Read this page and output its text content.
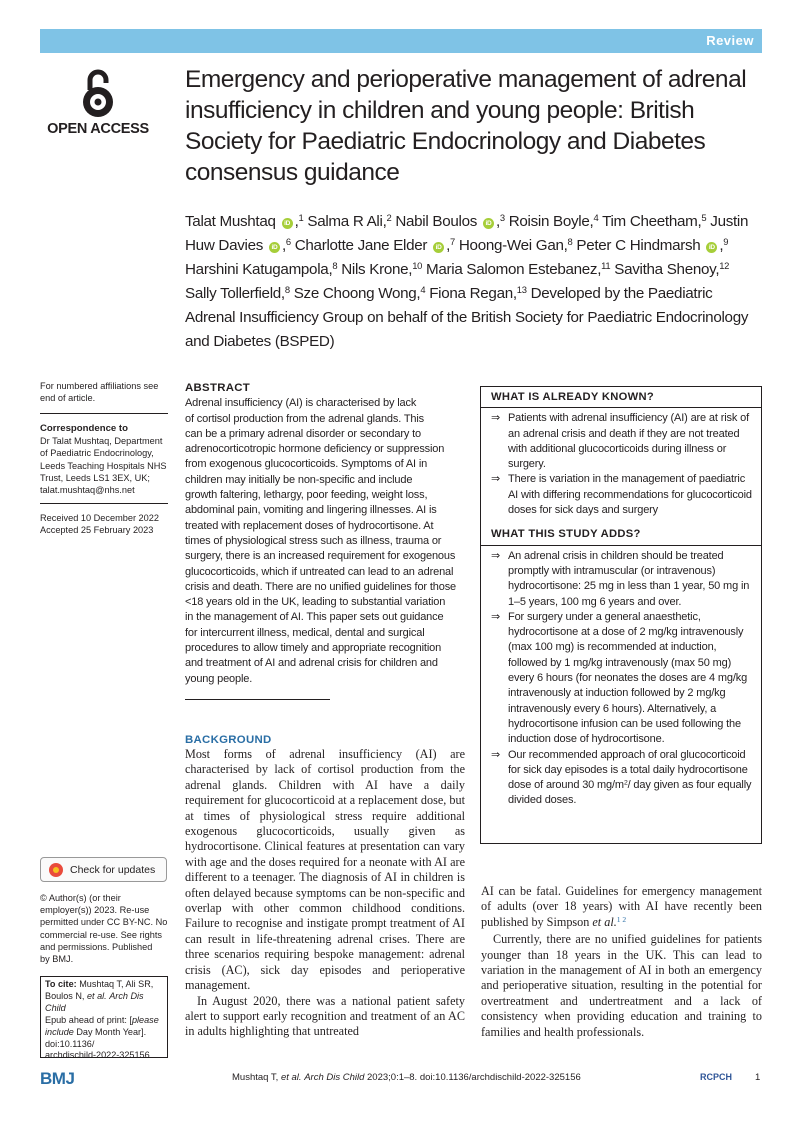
Review
OPEN ACCESS
Emergency and perioperative management of adrenal insufficiency in children and young people: British Society for Paediatric Endocrinology and Diabetes consensus guidance
Talat Mushtaq iD ,$^1$ Salma R Ali,$^2$ Nabil Boulos iD ,$^3$ Roisin Boyle,$^4$ Tim Cheetham,$^5$ Justin Huw Davies iD ,$^6$ Charlotte Jane Elder iD ,$^7$ Hoong-Wei Gan,$^8$ Peter C Hindmarsh iD ,$^9$ Harshini Katugampola,$^8$ Nils Krone,$^{10}$ Maria Salomon Estebanez,$^{11}$ Savitha Shenoy,$^{12}$ Sally Tollerfield,$^8$ Sze Choong Wong,$^4$ Fiona Regan,$^{13}$ Developed by the Paediatric Adrenal Insufficiency Group on behalf of the British Society for Paediatric Endocrinology and Diabetes (BSPED)
For numbered affiliations see end of article.
Correspondence to
Dr Talat Mushtaq, Department
of Paediatric Endocrinology,
Leeds Teaching Hospitals NHS
Trust, Leeds LS1 3EX, UK;
talat.mushtaq@nhs.net
Received 10 December 2022
Accepted 25 February 2023
Check for updates
© Author(s) (or their
employer(s)) 2023. Re-use
permitted under CC BY-NC. No
commercial re-use. See rights
and permissions. Published
by BMJ.
To cite: Mushtaq T, Ali SR,
Boulos N, et al. Arch Dis Child
Epub ahead of print: [please
include Day Month Year].
doi:10.1136/
archdischild-2022-325156
ABSTRACT
Adrenal insufficiency (AI) is characterised by lack
of cortisol production from the adrenal glands. This
can be a primary adrenal disorder or secondary to
adrenocorticotropic hormone deficiency or suppression
from exogenous glucocorticoids. Symptoms of AI in
children may initially be non-specific and include
growth faltering, lethargy, poor feeding, weight loss,
abdominal pain, vomiting and lingering illnesses. AI is
treated with replacement doses of hydrocortisone. At
times of physiological stress such as illness, trauma or
surgery, there is an increased requirement for exogenous
glucocorticoids, which if untreated can lead to an adrenal
crisis and death. There are no unified guidelines for those
<18 years old in the UK, leading to substantial variation
in the management of AI. This paper sets out guidance
for intercurrent illness, medical, dental and surgical
procedures to allow timely and appropriate recognition
and treatment of AI and adrenal crisis for children and
young people.
BACKGROUND
Most forms of adrenal insufficiency (AI) are characterised by lack of cortisol production from the adrenal glands. Children with AI have a daily requirement for glucocorticoid at a replacement dose, but at times of physiological stress require additional exogenous glucocorticoids, usually given as hydrocortisone. Clinical features at presentation can vary with age and the doses required for a neonate with AI are different to a teenager. The diagnosis of AI in children is often delayed because symptoms can be non-specific and overlap with other common childhood conditions. Failure to recognise and instigate prompt treatment of AI can result in life-threatening adrenal crises. There are three scenarios requiring bespoke management: adrenal crisis (AC), sick day episodes and perioperative management.
In August 2020, there was a national patient safety alert to support early recognition and treatment of an AC in adults highlighting that untreated
AI can be fatal. Guidelines for emergency management of adults (over 18 years) with AI have recently been published by Simpson et al.$^{1 2}$
Currently, there are no unified guidelines for patients younger than 18 years in the UK. This can lead to variation in the management of AI in both an emergency and perioperative situation, resulting in the potential for overtreatment and undertreatment and a lack of consistency when providing education and training to families and health professionals.
WHAT IS ALREADY KNOWN?
⇒ Patients with adrenal insufficiency (AI) are at risk of an adrenal crisis and death if they are not treated with additional glucocorticoids during illness or surgery.
⇒ There is variation in the management of paediatric AI with differing recommendations for glucocorticoid doses for sick days and surgery
WHAT THIS STUDY ADDS?
⇒ An adrenal crisis in children should be treated promptly with intramuscular (or intravenous) hydrocortisone: 25 mg in less than 1 year, 50 mg in 1–5 years, 100 mg 6 years and over.
⇒ For surgery under a general anaesthetic, hydrocortisone at a dose of 2 mg/kg intravenously (max 100 mg) is recommended at induction, followed by 1 mg/kg intravenously (max 50 mg) every 6 hours (for neonates the doses are 4 mg/kg intravenously at induction followed by 2 mg/kg intravenously every 6 hours). Alternatively, a hydrocortisone infusion can be used following the induction dose of hydrocortisone.
⇒ Our recommended approach of oral glucocorticoid for sick day episodes is a total daily hydrocortisone dose of around 30 $mg/m^2/$ day given as four equally divided doses.
BMJ	Mushtaq T, et al. Arch Dis Child 2023;0:1–8. doi:10.1136/archdischild-2022-325156	RCPCH 1
